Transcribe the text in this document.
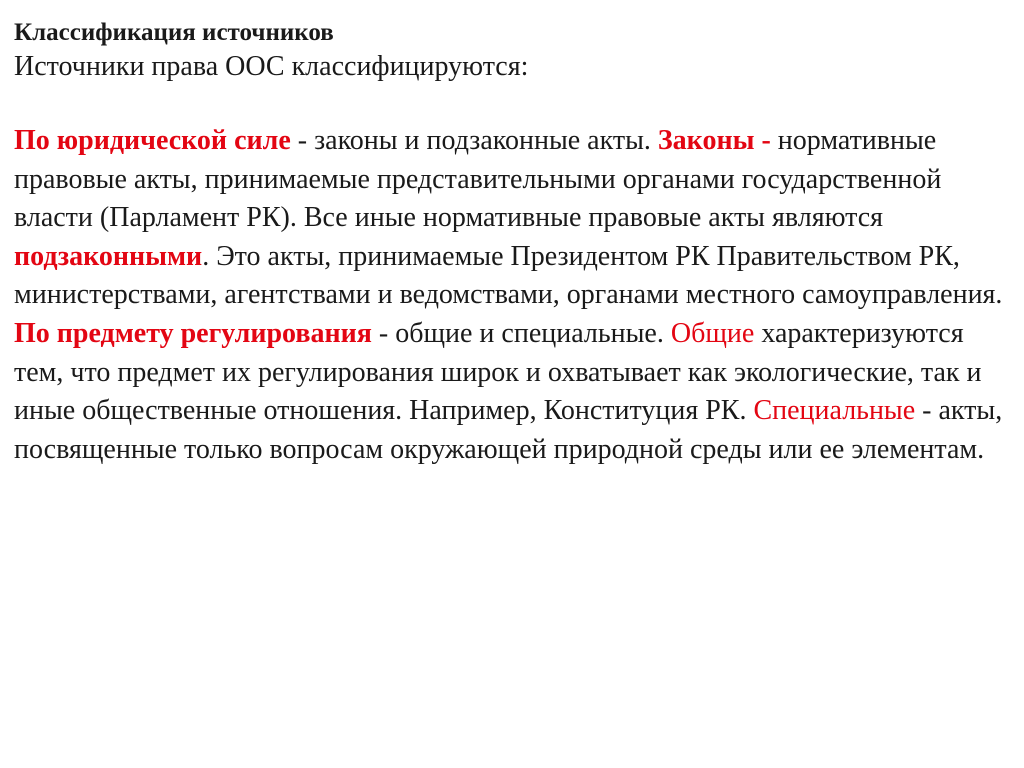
Классификация источников

Источники права ООС классифицируются:

По юридической силе - законы и подзаконные акты. Законы - нормативные правовые акты, принимаемые представительными органами государственной власти (Парламент РК). Все иные нормативные правовые акты являются подзаконными. Это акты, принимаемые Президентом РК Правительством РК, министерствами, агентствами и ведомствами, органами местного самоуправления.

По предмету регулирования - общие и специальные. Общие характеризуются тем, что предмет их регулирования широк и охватывает как экологические, так и иные общественные отношения. Например, Конституция РК. Специальные - акты, посвященные только вопросам окружающей природной среды или ее элементам.
